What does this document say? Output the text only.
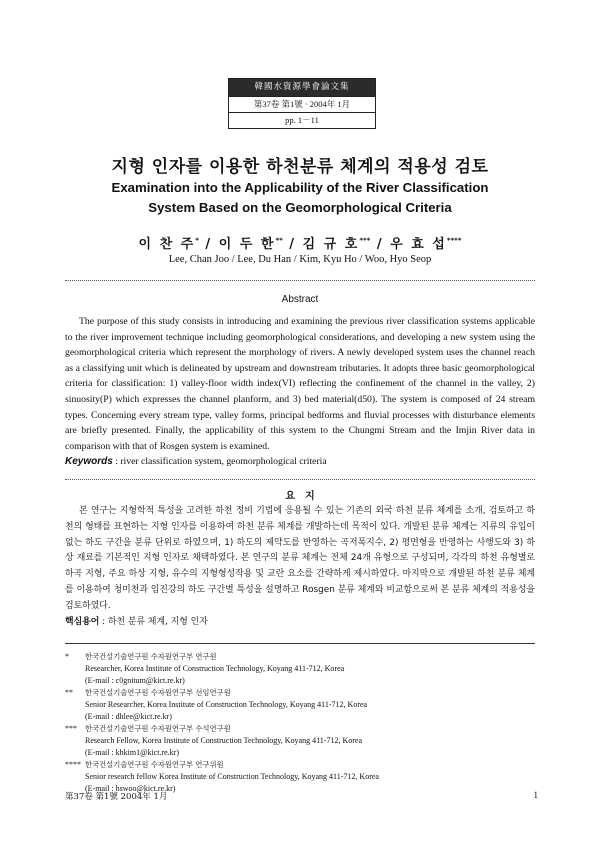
韓國水資源學會論文集
第37卷 第1號 · 2004年 1月
pp. 1－11
지형 인자를 이용한 하천분류 체계의 적용성 검토
Examination into the Applicability of the River Classification
System Based on the Geomorphological Criteria
이 찬 주* / 이 두 한** / 김 규 호*** / 우 효 섭****
Lee, Chan Joo / Lee, Du Han / Kim, Kyu Ho / Woo, Hyo Seop
Abstract

The purpose of this study consists in introducing and examining the previous river classification systems applicable to the river improvement technique including geomorphological considerations, and developing a new system using the geomorphological criteria which represent the morphology of rivers. A newly developed system uses the channel reach as a classifying unit which is delineated by upstream and downstream tributaries. It adopts three basic geomorphological criteria for classification: 1) valley-floor width index(VI) reflecting the confinement of the channel in the valley, 2) sinuosity(P) which expresses the channel planform, and 3) bed material(d50). The system is composed of 24 stream types. Concerning every stream type, valley forms, principal bedforms and fluvial processes with disturbance elements are briefly presented. Finally, the applicability of this system to the Chungmi Stream and the Imjin River data in comparison with that of Rosgen system is examined.

Keywords : river classification system, geomorphological criteria
요　지

본 연구는 지형학적 특성을 고려한 하천 정비 기법에 응용될 수 있는 기존의 외국 하천 분류 체계를 소개, 검토하고 하천의 형태를 표현하는 지형 인자를 이용하여 하천 분류 체계를 개발하는데 목적이 있다. 개발된 분류 체계는 지류의 유입이 없는 하도 구간을 분류 단위로 하였으며, 1) 하도의 제약도를 반영하는 곡저폭지수, 2) 평면형을 반영하는 사행도와 3) 하상 재료를 기본적인 지형 인자로 채택하였다. 본 연구의 분류 체계는 전체 24개 유형으로 구성되며, 각각의 하천 유형별로 하곡 지형, 주요 하상 지형, 유수의 지형형성작용 및 교란 요소를 간략하게 제시하였다. 마지막으로 개발된 하천 분류 체계를 이용하여 청미천과 임진강의 하도 구간별 특성을 설명하고 Rosgen 분류 체계와 비교함으로써 본 분류 체계의 적용성을 검토하였다.

핵심용어 : 하천 분류 체계, 지형 인자
* 한국건설기술연구원 수자원연구부 연구원
Researcher, Korea Institute of Construction Technology, Koyang 411-712, Korea
(E-mail : c0gnitum@kict.re.kr)
** 한국건설기술연구원 수자원연구부 선임연구원
Senior Researcher, Korea Institute of Construction Technology, Koyang 411-712, Korea
(E-mail : dhlee@kict.re.kr)
*** 한국건설기술연구원 수자원연구부 수석연구원
Research Fellow, Korea Institute of Construction Technology, Koyang 411-712, Korea
(E-mail : khkim1@kict.re.kr)
**** 한국건설기술연구원 수자원연구부 연구위원
Senior research fellow Korea Institute of Construction Technology, Koyang 411-712, Korea
(E-mail : hswoo@kict.re.kr)
第37卷 第1號 2004年 1月	1
